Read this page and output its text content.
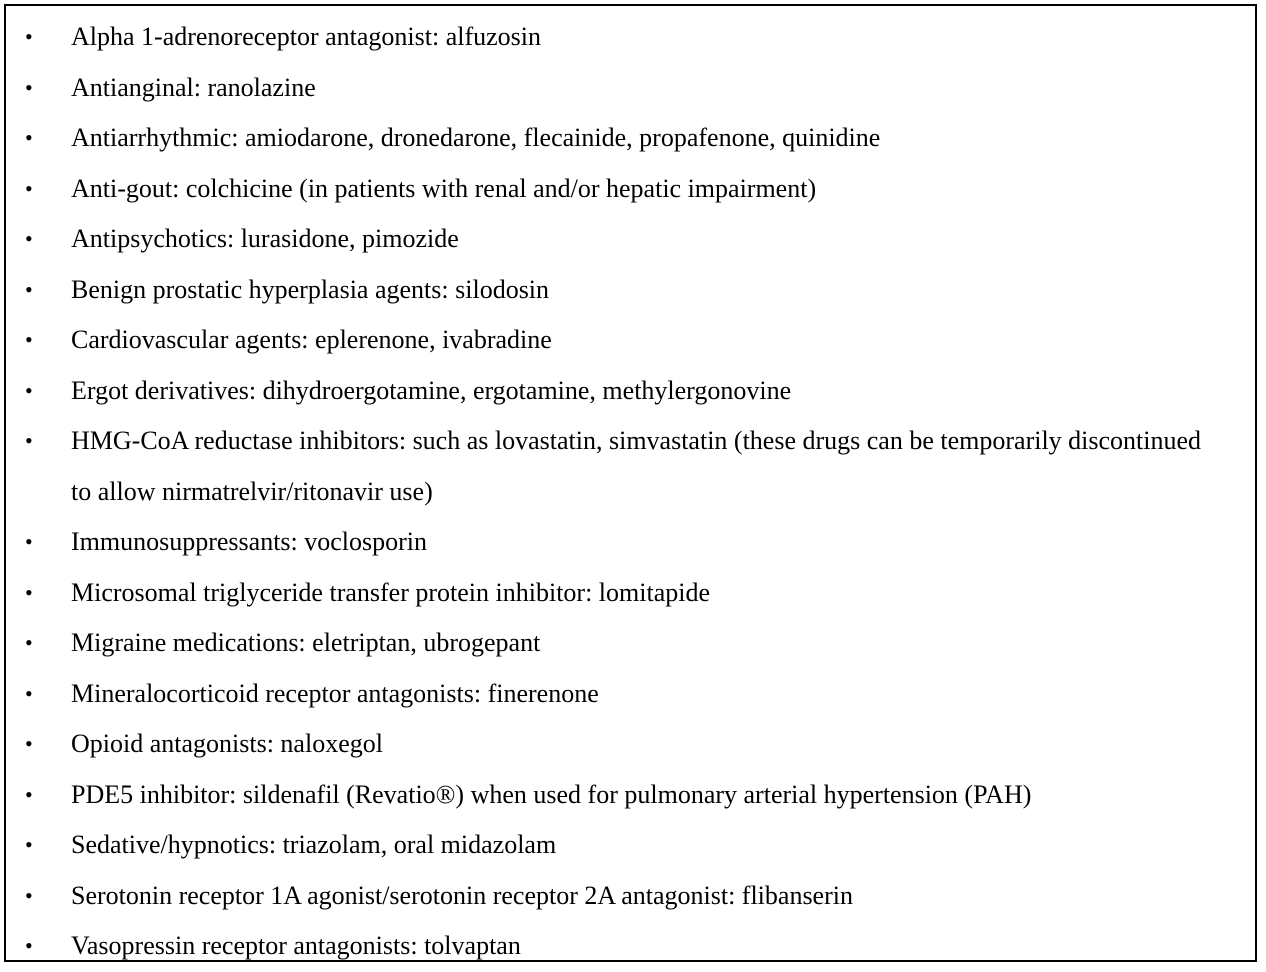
• Alpha 1-adrenoreceptor antagonist: alfuzosin
• Antianginal: ranolazine
• Antiarrhythmic: amiodarone, dronedarone, flecainide, propafenone, quinidine
• Anti-gout: colchicine (in patients with renal and/or hepatic impairment)
• Antipsychotics: lurasidone, pimozide
• Benign prostatic hyperplasia agents: silodosin
• Cardiovascular agents: eplerenone, ivabradine
• Ergot derivatives: dihydroergotamine, ergotamine, methylergonovine
• HMG-CoA reductase inhibitors: such as lovastatin, simvastatin (these drugs can be temporarily discontinued to allow nirmatrelvir/ritonavir use)
• Immunosuppressants: voclosporin
• Microsomal triglyceride transfer protein inhibitor: lomitapide
• Migraine medications: eletriptan, ubrogepant
• Mineralocorticoid receptor antagonists: finerenone
• Opioid antagonists: naloxegol
• PDE5 inhibitor: sildenafil (Revatio®) when used for pulmonary arterial hypertension (PAH)
• Sedative/hypnotics: triazolam, oral midazolam
• Serotonin receptor 1A agonist/serotonin receptor 2A antagonist: flibanserin
• Vasopressin receptor antagonists: tolvaptan
